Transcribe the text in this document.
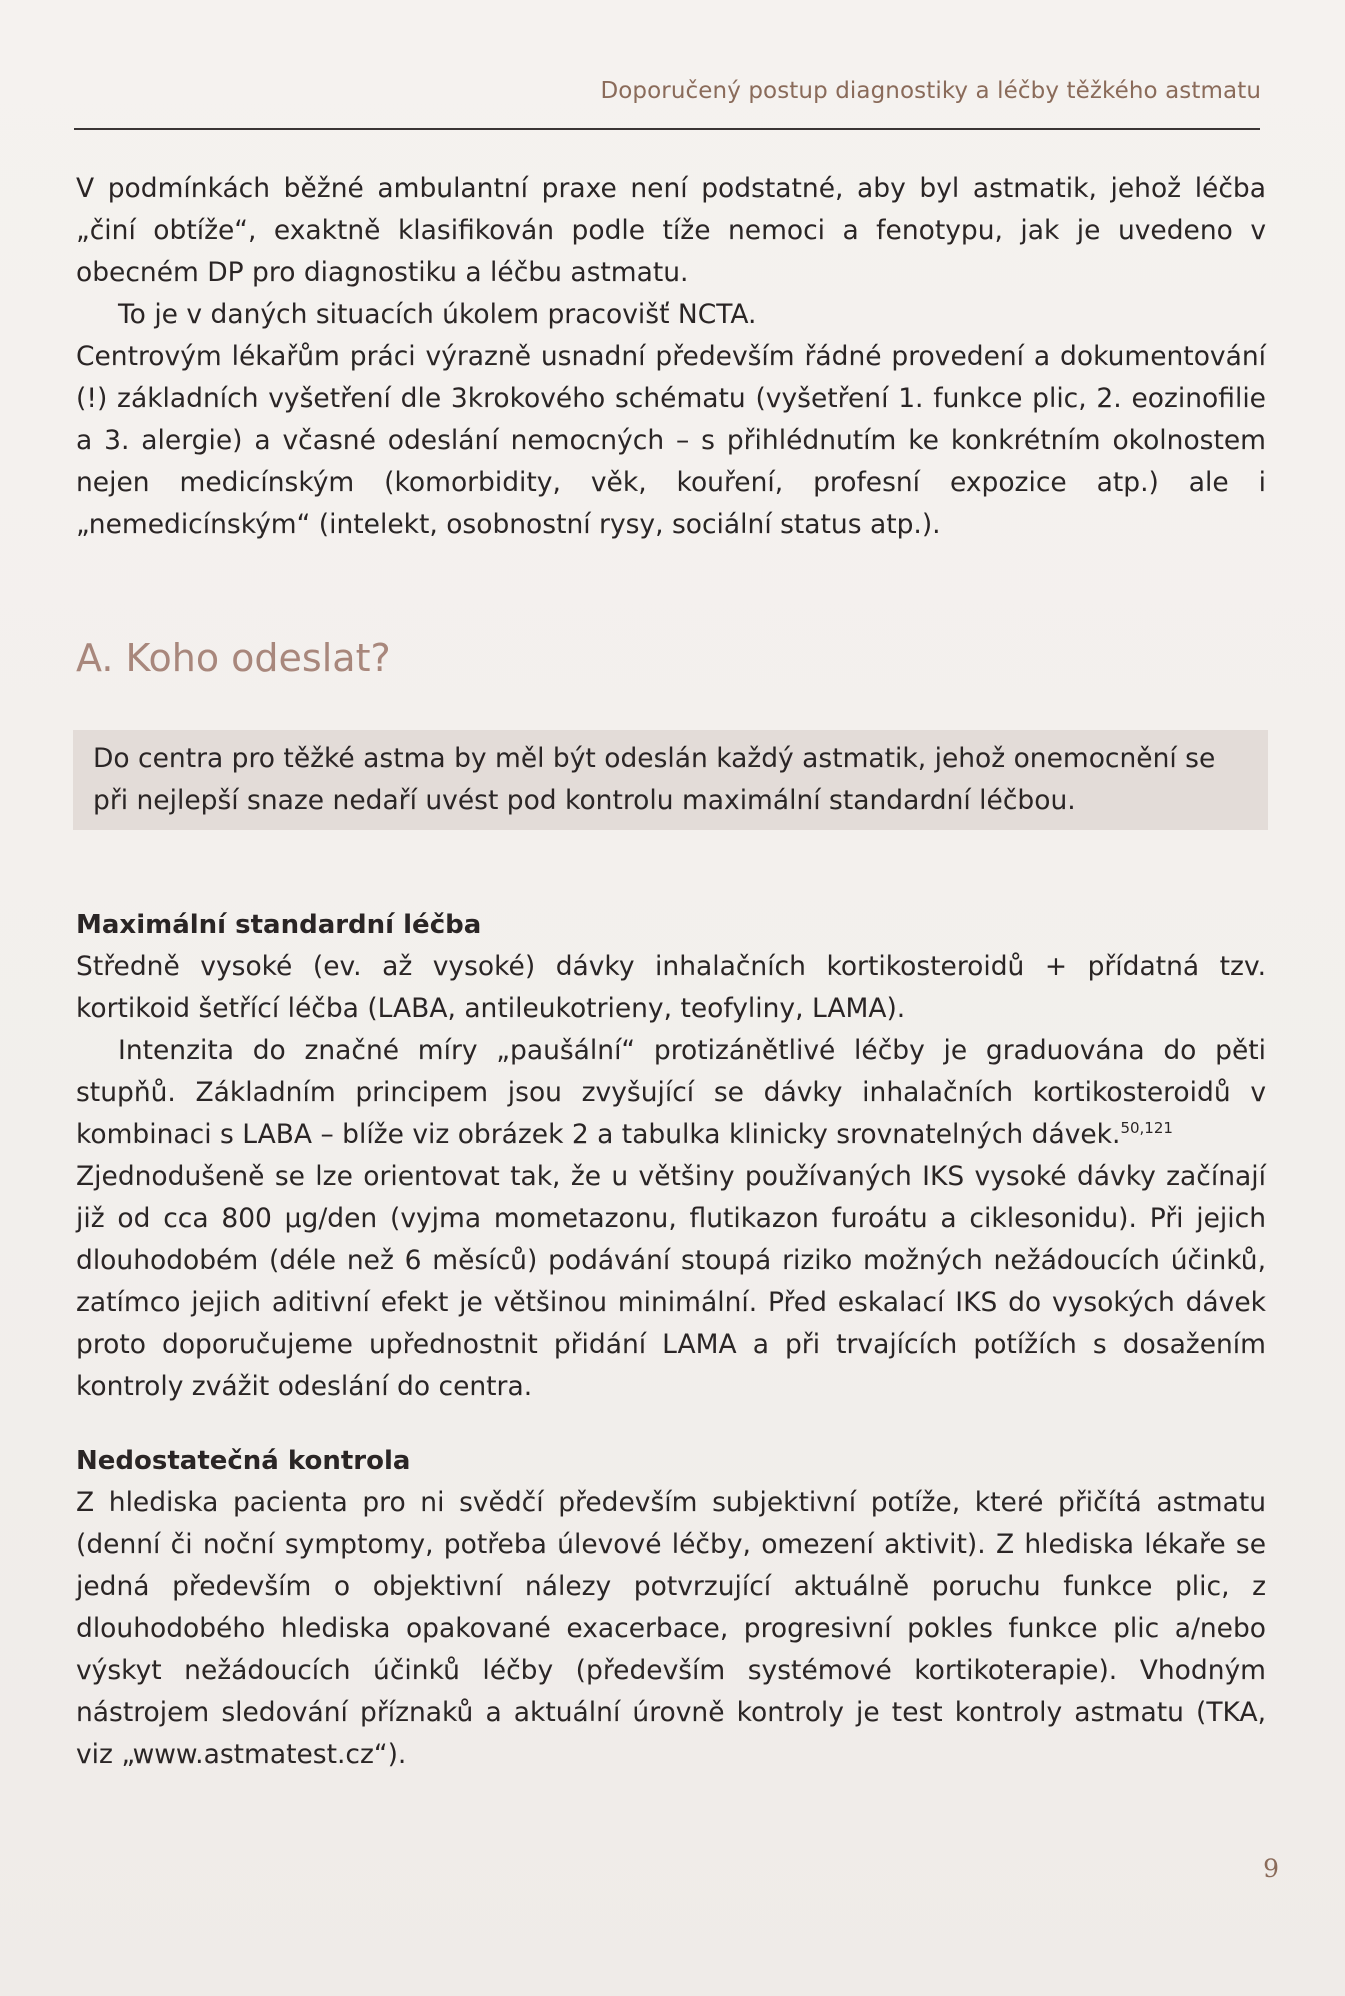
Doporučený postup diagnostiky a léčby těžkého astmatu

V podmínkách běžné ambulantní praxe není podstatné, aby byl astmatik, jehož léčba „činí obtíže“, exaktně klasifikován podle tíže nemoci a fenotypu, jak je uvedeno v obecném DP pro diagnostiku a léčbu astmatu.

To je v daných situacích úkolem pracovišť NCTA.

Centrovým lékařům práci výrazně usnadní především řádné provedení a dokumentování (!) základních vyšetření dle 3krokového schématu (vyšetření 1. funkce plic, 2. eozinofilie a 3. alergie) a včasné odeslání nemocných – s přihlédnutím ke konkrétním okolnostem nejen medicínským (komorbidity, věk, kouření, profesní expozice atp.) ale i „nemedicínským“ (intelekt, osobnostní rysy, sociální status atp.).

A. Koho odeslat?

Do centra pro těžké astma by měl být odeslán každý astmatik, jehož onemocnění se při nejlepší snaze nedaří uvést pod kontrolu maximální standardní léčbou.

Maximální standardní léčba

Středně vysoké (ev. až vysoké) dávky inhalačních kortikosteroidů + přídatná tzv. kortikoid šetřící léčba (LABA, antileukotrieny, teofyliny, LAMA).

Intenzita do značné míry „paušální“ protizánětlivé léčby je graduována do pěti stupňů. Základním principem jsou zvyšující se dávky inhalačních kortikosteroidů v kombinaci s LABA – blíže viz obrázek 2 a tabulka klinicky srovnatelných dávek.$^{50,121}$

Zjednodušeně se lze orientovat tak, že u většiny používaných IKS vysoké dávky začínají již od cca 800 μg/den (vyjma mometazonu, flutikazon furoátu a ciklesonidu). Při jejich dlouhodobém (déle než 6 měsíců) podávání stoupá riziko možných nežádoucích účinků, zatímco jejich aditivní efekt je většinou minimální. Před eskalací IKS do vysokých dávek proto doporučujeme upřednostnit přidání LAMA a při trvajících potížích s dosažením kontroly zvážit odeslání do centra.

Nedostatečná kontrola

Z hlediska pacienta pro ni svědčí především subjektivní potíže, které přičítá astmatu (denní či noční symptomy, potřeba úlevové léčby, omezení aktivit). Z hlediska lékaře se jedná především o objektivní nálezy potvrzující aktuálně poruchu funkce plic, z dlouhodobého hlediska opakované exacerbace, progresivní pokles funkce plic a/nebo výskyt nežádoucích účinků léčby (především systémové kortikoterapie). Vhodným nástrojem sledování příznaků a aktuální úrovně kontroly je test kontroly astmatu (TKA, viz „www.astmatest.cz“).

9
